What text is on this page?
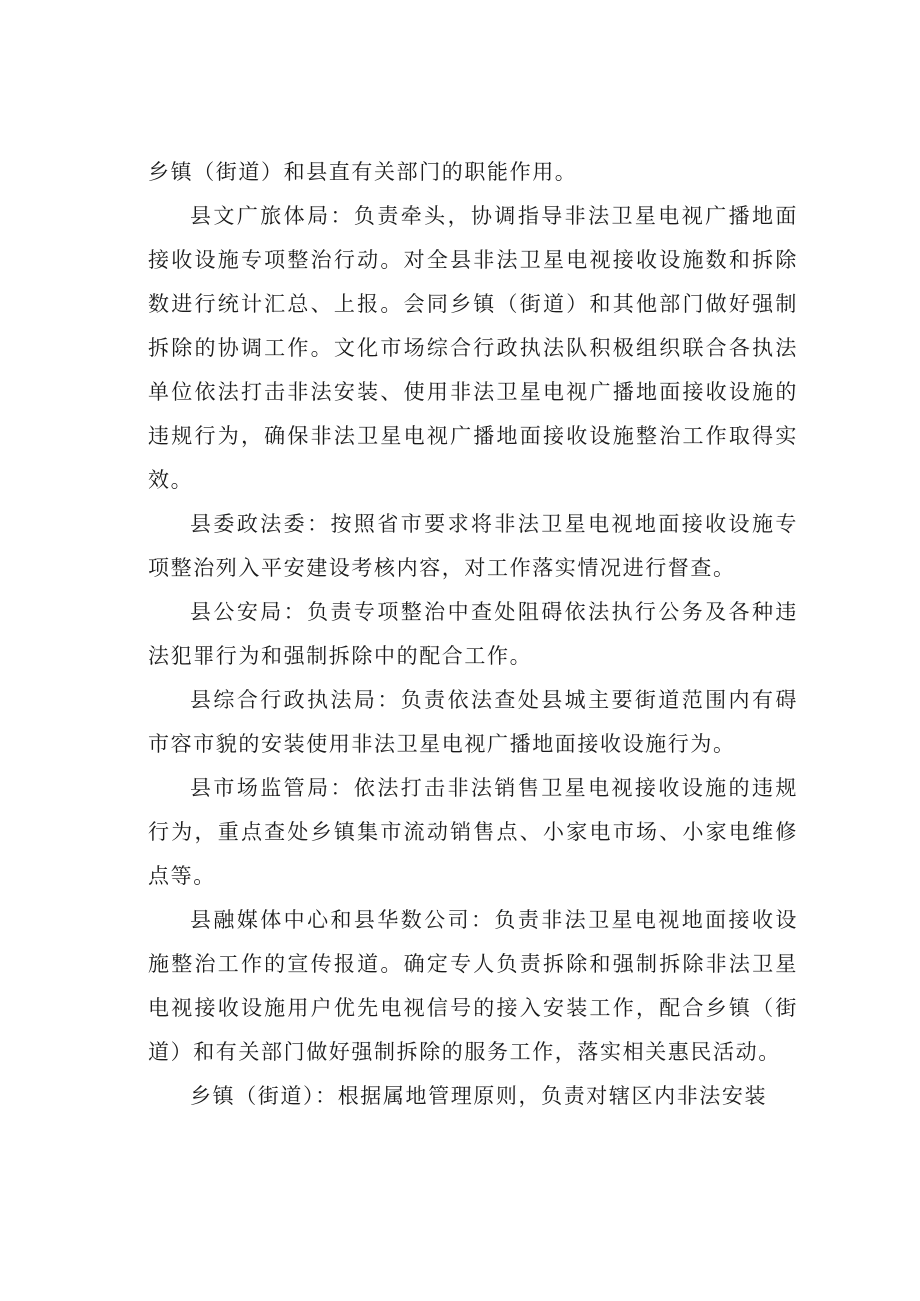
乡镇（街道）和县直有关部门的职能作用。

县文广旅体局：负责牵头，协调指导非法卫星电视广播地面接收设施专项整治行动。对全县非法卫星电视接收设施数和拆除数进行统计汇总、上报。会同乡镇（街道）和其他部门做好强制拆除的协调工作。文化市场综合行政执法队积极组织联合各执法单位依法打击非法安装、使用非法卫星电视广播地面接收设施的违规行为，确保非法卫星电视广播地面接收设施整治工作取得实效。

县委政法委：按照省市要求将非法卫星电视地面接收设施专项整治列入平安建设考核内容，对工作落实情况进行督查。

县公安局：负责专项整治中查处阻碍依法执行公务及各种违法犯罪行为和强制拆除中的配合工作。

县综合行政执法局：负责依法查处县城主要街道范围内有碍市容市貌的安装使用非法卫星电视广播地面接收设施行为。

县市场监管局：依法打击非法销售卫星电视接收设施的违规行为，重点查处乡镇集市流动销售点、小家电市场、小家电维修点等。

县融媒体中心和县华数公司：负责非法卫星电视地面接收设施整治工作的宣传报道。确定专人负责拆除和强制拆除非法卫星电视接收设施用户优先电视信号的接入安装工作，配合乡镇（街道）和有关部门做好强制拆除的服务工作，落实相关惠民活动。

乡镇（街道）：根据属地管理原则，负责对辖区内非法安装
